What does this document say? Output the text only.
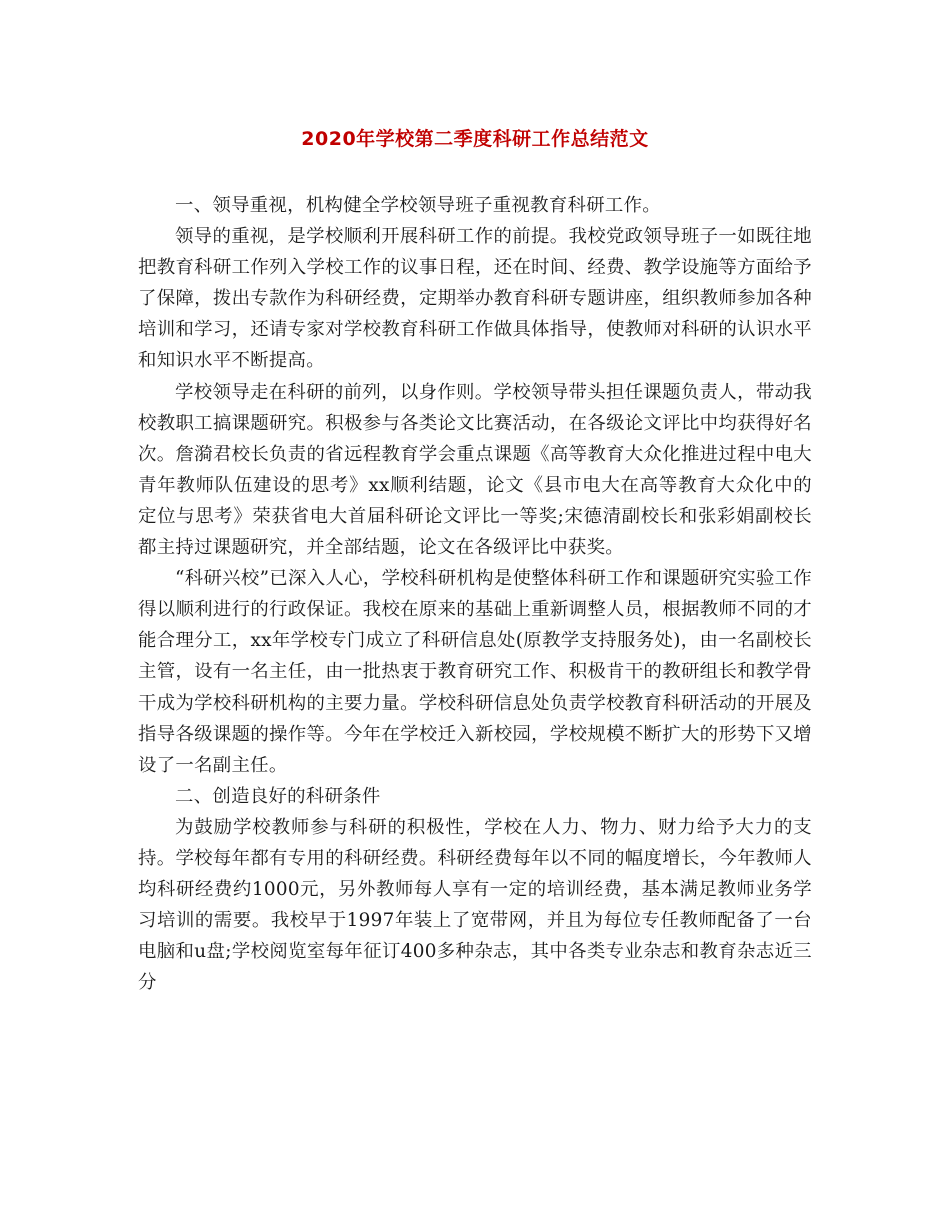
2020年学校第二季度科研工作总结范文

一、领导重视，机构健全学校领导班子重视教育科研工作。

领导的重视，是学校顺利开展科研工作的前提。我校党政领导班子一如既往地把教育科研工作列入学校工作的议事日程，还在时间、经费、教学设施等方面给予了保障，拨出专款作为科研经费，定期举办教育科研专题讲座，组织教师参加各种培训和学习，还请专家对学校教育科研工作做具体指导，使教师对科研的认识水平和知识水平不断提高。

学校领导走在科研的前列，以身作则。学校领导带头担任课题负责人，带动我校教职工搞课题研究。积极参与各类论文比赛活动，在各级论文评比中均获得好名次。詹漪君校长负责的省远程教育学会重点课题《高等教育大众化推进过程中电大青年教师队伍建设的思考》xx顺利结题，论文《县市电大在高等教育大众化中的定位与思考》荣获省电大首届科研论文评比一等奖;宋德清副校长和张彩娟副校长都主持过课题研究，并全部结题，论文在各级评比中获奖。

“科研兴校”已深入人心，学校科研机构是使整体科研工作和课题研究实验工作得以顺利进行的行政保证。我校在原来的基础上重新调整人员，根据教师不同的才能合理分工，xx年学校专门成立了科研信息处(原教学支持服务处)，由一名副校长主管，设有一名主任，由一批热衷于教育研究工作、积极肯干的教研组长和教学骨干成为学校科研机构的主要力量。学校科研信息处负责学校教育科研活动的开展及指导各级课题的操作等。今年在学校迁入新校园，学校规模不断扩大的形势下又增设了一名副主任。

二、创造良好的科研条件

为鼓励学校教师参与科研的积极性，学校在人力、物力、财力给予大力的支持。学校每年都有专用的科研经费。科研经费每年以不同的幅度增长，今年教师人均科研经费约1000元，另外教师每人享有一定的培训经费，基本满足教师业务学习培训的需要。我校早于1997年装上了宽带网，并且为每位专任教师配备了一台电脑和u盘;学校阅览室每年征订400多种杂志，其中各类专业杂志和教育杂志近三分
